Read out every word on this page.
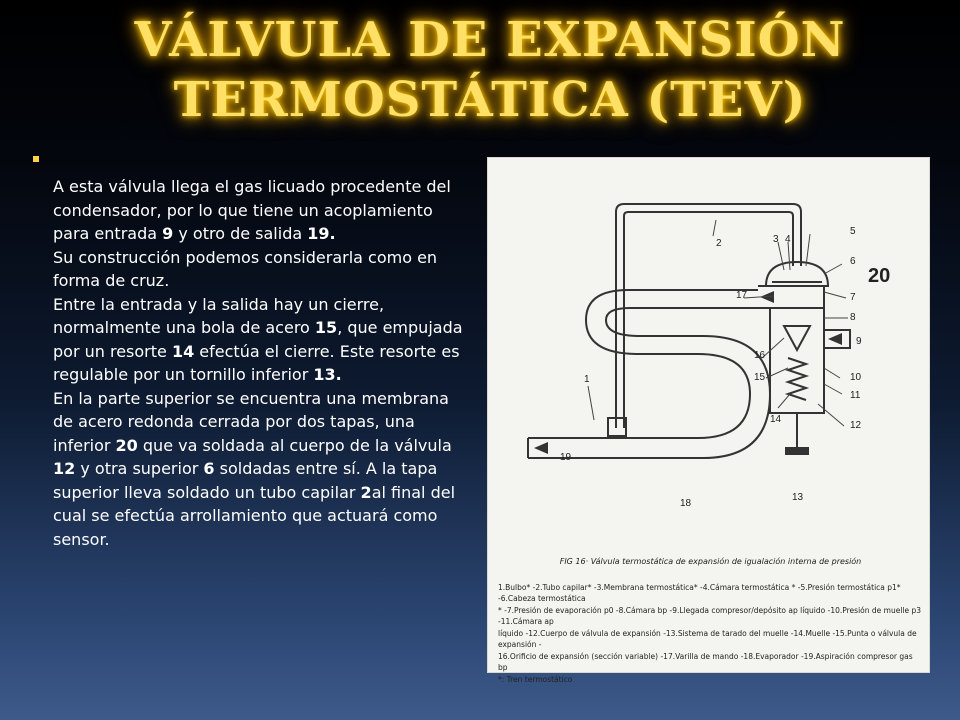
VÁLVULA DE EXPANSIÓN
TERMOSTÁTICA (TEV)

A esta válvula llega el gas licuado procedente del condensador, por lo que tiene un acoplamiento para entrada 9 y otro de salida 19.

Su construcción podemos considerarla como en forma de cruz.

Entre la entrada y la salida hay un cierre, normalmente una bola de acero 15, que empujada por un resorte 14 efectúa el cierre. Este resorte es regulable por un tornillo inferior 13.

En la parte superior se encuentra una membrana de acero redonda cerrada por dos tapas, una inferior 20 que va soldada al cuerpo de la válvula 12 y otra superior 6 soldadas entre sí. A la tapa superior lleva soldado un tubo capilar 2al final del cual se efectúa arrollamiento que actuará como sensor.

1
2	3 4
5
6
7
8
9
10
11
12
13
14
15
16
17
18
19
20
FIG 16· Válvula termostática de expansión de igualación interna de presión
1.Bulbo* -2.Tubo capilar* -3.Membrana termostática* -4.Cámara termostática * -5.Presión termostática p1* -6.Cabeza termostática
* -7.Presión de evaporación p0 -8.Cámara bp -9.Llegada compresor/depósito ap líquido -10.Presión de muelle p3 -11.Cámara ap
líquido -12.Cuerpo de válvula de expansión -13.Sistema de tarado del muelle -14.Muelle -15.Punta o válvula de expansión -
16.Orificio de expansión (sección variable) -17.Varilla de mando -18.Evaporador -19.Aspiración compresor gas bp
*: Tren termostático
